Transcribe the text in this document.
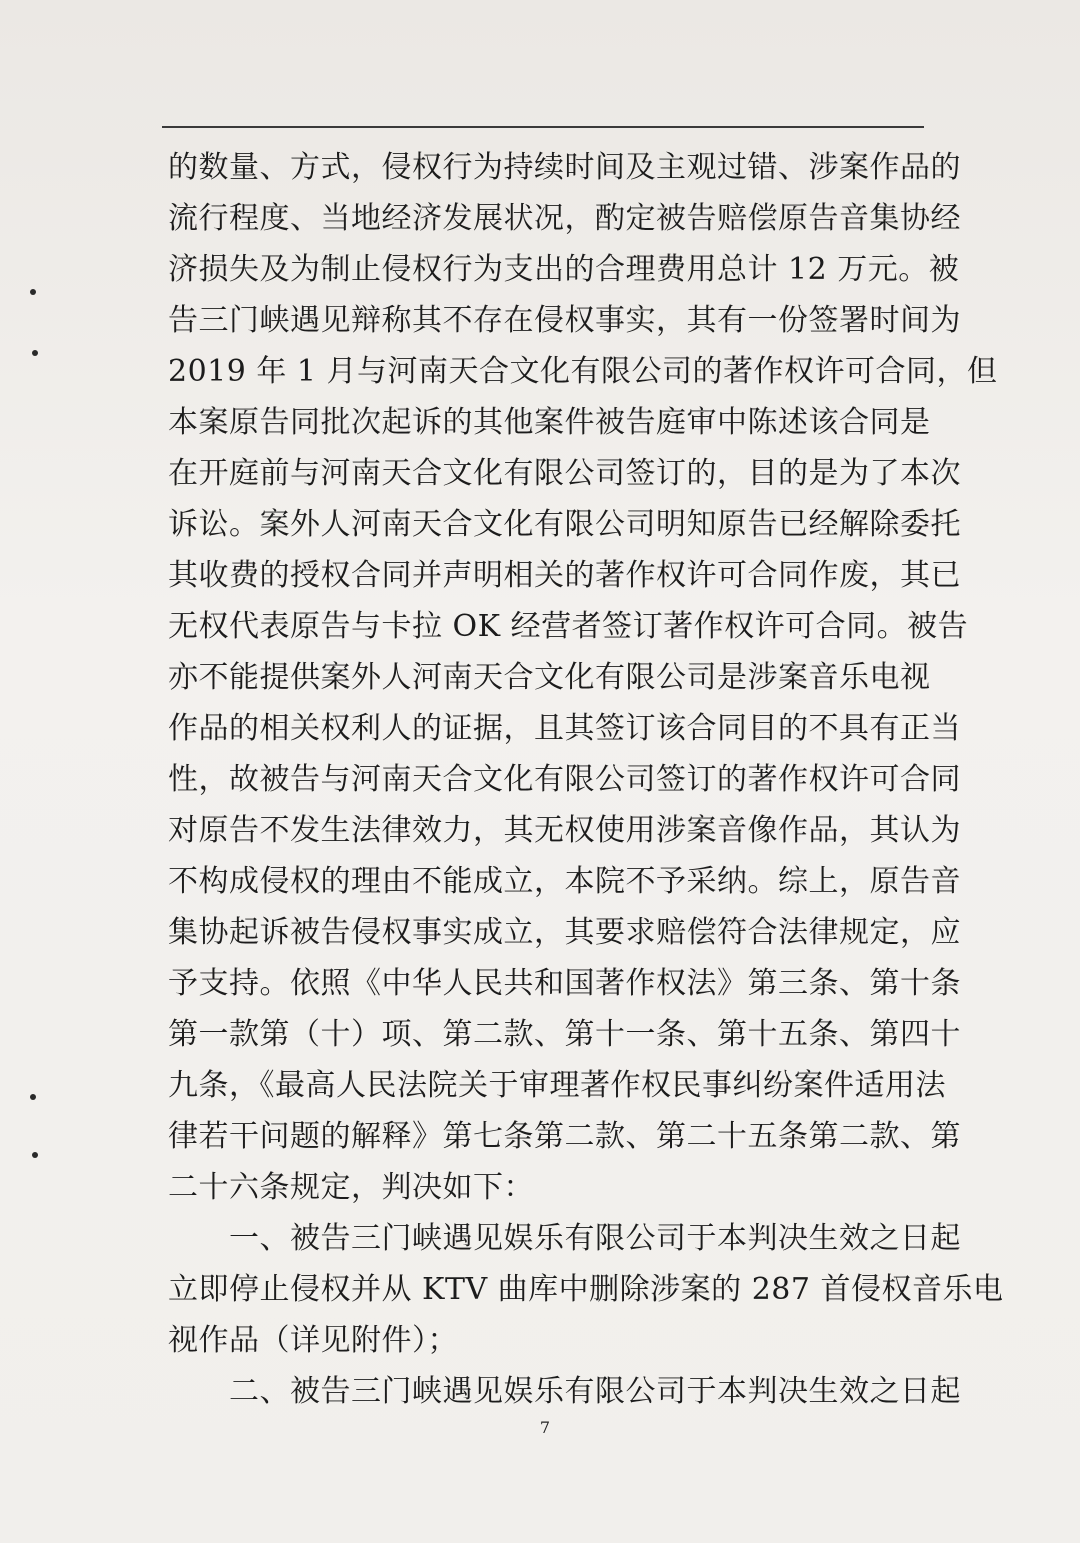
的数量、方式，侵权行为持续时间及主观过错、涉案作品的
流行程度、当地经济发展状况，酌定被告赔偿原告音集协经
济损失及为制止侵权行为支出的合理费用总计 12 万元。被
告三门峡遇见辩称其不存在侵权事实，其有一份签署时间为
2019 年 1 月与河南天合文化有限公司的著作权许可合同，但
本案原告同批次起诉的其他案件被告庭审中陈述该合同是
在开庭前与河南天合文化有限公司签订的，目的是为了本次
诉讼。案外人河南天合文化有限公司明知原告已经解除委托
其收费的授权合同并声明相关的著作权许可合同作废，其已
无权代表原告与卡拉 OK 经营者签订著作权许可合同。被告
亦不能提供案外人河南天合文化有限公司是涉案音乐电视
作品的相关权利人的证据，且其签订该合同目的不具有正当
性，故被告与河南天合文化有限公司签订的著作权许可合同
对原告不发生法律效力，其无权使用涉案音像作品，其认为
不构成侵权的理由不能成立，本院不予采纳。综上，原告音
集协起诉被告侵权事实成立，其要求赔偿符合法律规定，应
予支持。依照《中华人民共和国著作权法》第三条、第十条
第一款第（十）项、第二款、第十一条、第十五条、第四十
九条，《最高人民法院关于审理著作权民事纠纷案件适用法
律若干问题的解释》第七条第二款、第二十五条第二款、第
二十六条规定，判决如下：
　　一、被告三门峡遇见娱乐有限公司于本判决生效之日起
立即停止侵权并从 KTV 曲库中删除涉案的 287 首侵权音乐电
视作品（详见附件）；
　　二、被告三门峡遇见娱乐有限公司于本判决生效之日起
7
